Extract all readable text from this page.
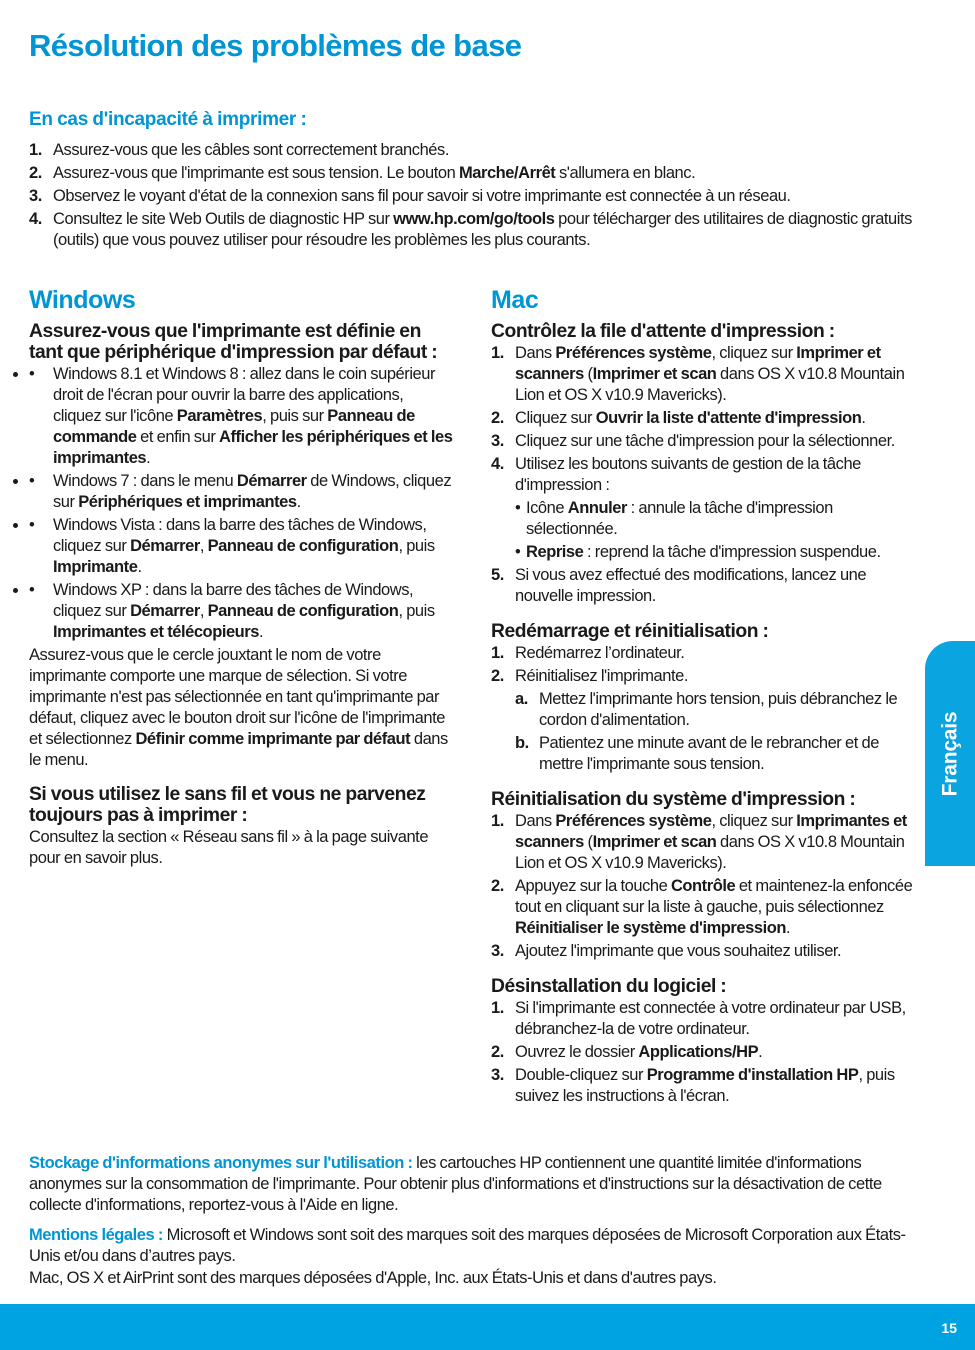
Résolution des problèmes de base
En cas d'incapacité à imprimer :
1. Assurez-vous que les câbles sont correctement branchés.
2. Assurez-vous que l'imprimante est sous tension. Le bouton Marche/Arrêt s'allumera en blanc.
3. Observez le voyant d'état de la connexion sans fil pour savoir si votre imprimante est connectée à un réseau.
4. Consultez le site Web Outils de diagnostic HP sur www.hp.com/go/tools pour télécharger des utilitaires de diagnostic gratuits (outils) que vous pouvez utiliser pour résoudre les problèmes les plus courants.
Windows
Assurez-vous que l'imprimante est définie en tant que périphérique d'impression par défaut :
• • Windows 8.1 et Windows 8 : allez dans le coin supérieur droit de l'écran pour ouvrir la barre des applications, cliquez sur l'icône Paramètres, puis sur Panneau de commande et enfin sur Afficher les périphériques et les imprimantes.
• • Windows 7 : dans le menu Démarrer de Windows, cliquez sur Périphériques et imprimantes.
• • Windows Vista : dans la barre des tâches de Windows, cliquez sur Démarrer, Panneau de configuration, puis Imprimante.
• • Windows XP : dans la barre des tâches de Windows, cliquez sur Démarrer, Panneau de configuration, puis Imprimantes et télécopieurs.

Assurez-vous que le cercle jouxtant le nom de votre imprimante comporte une marque de sélection. Si votre imprimante n'est pas sélectionnée en tant qu'imprimante par défaut, cliquez avec le bouton droit sur l'icône de l'imprimante et sélectionnez Définir comme imprimante par défaut dans le menu.

Si vous utilisez le sans fil et vous ne parvenez toujours pas à imprimer :

Consultez la section « Réseau sans fil » à la page suivante pour en savoir plus.

Mac
Contrôlez la file d'attente d'impression :
1. Dans Préférences système, cliquez sur Imprimer et scanners (Imprimer et scan dans OS X v10.8 Mountain Lion et OS X v10.9 Mavericks).
2. Cliquez sur Ouvrir la liste d'attente d'impression.
3. Cliquez sur une tâche d'impression pour la sélectionner.
4. Utilisez les boutons suivants de gestion de la tâche d'impression :
• Icône Annuler : annule la tâche d'impression sélectionnée.
• Reprise : reprend la tâche d'impression suspendue.
5. Si vous avez effectué des modifications, lancez une nouvelle impression.
Redémarrage et réinitialisation :
1. Redémarrez l’ordinateur.
2. Réinitialisez l'imprimante.
a. Mettez l'imprimante hors tension, puis débranchez le cordon d'alimentation.
b. Patientez une minute avant de le rebrancher et de mettre l'imprimante sous tension.
Réinitialisation du système d'impression :
1. Dans Préférences système, cliquez sur Imprimantes et scanners (Imprimer et scan dans OS X v10.8 Mountain Lion et OS X v10.9 Mavericks).
2. Appuyez sur la touche Contrôle et maintenez-la enfoncée tout en cliquant sur la liste à gauche, puis sélectionnez Réinitialiser le système d'impression.
3. Ajoutez l'imprimante que vous souhaitez utiliser.
Désinstallation du logiciel :
1. Si l'imprimante est connectée à votre ordinateur par USB, débranchez-la de votre ordinateur.
2. Ouvrez le dossier Applications/HP.
3. Double-cliquez sur Programme d'installation HP, puis suivez les instructions à l'écran.

Stockage d'informations anonymes sur l'utilisation : les cartouches HP contiennent une quantité limitée d'informations anonymes sur la consommation de l'imprimante. Pour obtenir plus d'informations et d'instructions sur la désactivation de cette collecte d'informations, reportez-vous à l'Aide en ligne.

Mentions légales : Microsoft et Windows sont soit des marques soit des marques déposées de Microsoft Corporation aux États-Unis et/ou dans d’autres pays.

Mac, OS X et AirPrint sont des marques déposées d'Apple, Inc. aux États-Unis et dans d'autres pays.

Français
15
